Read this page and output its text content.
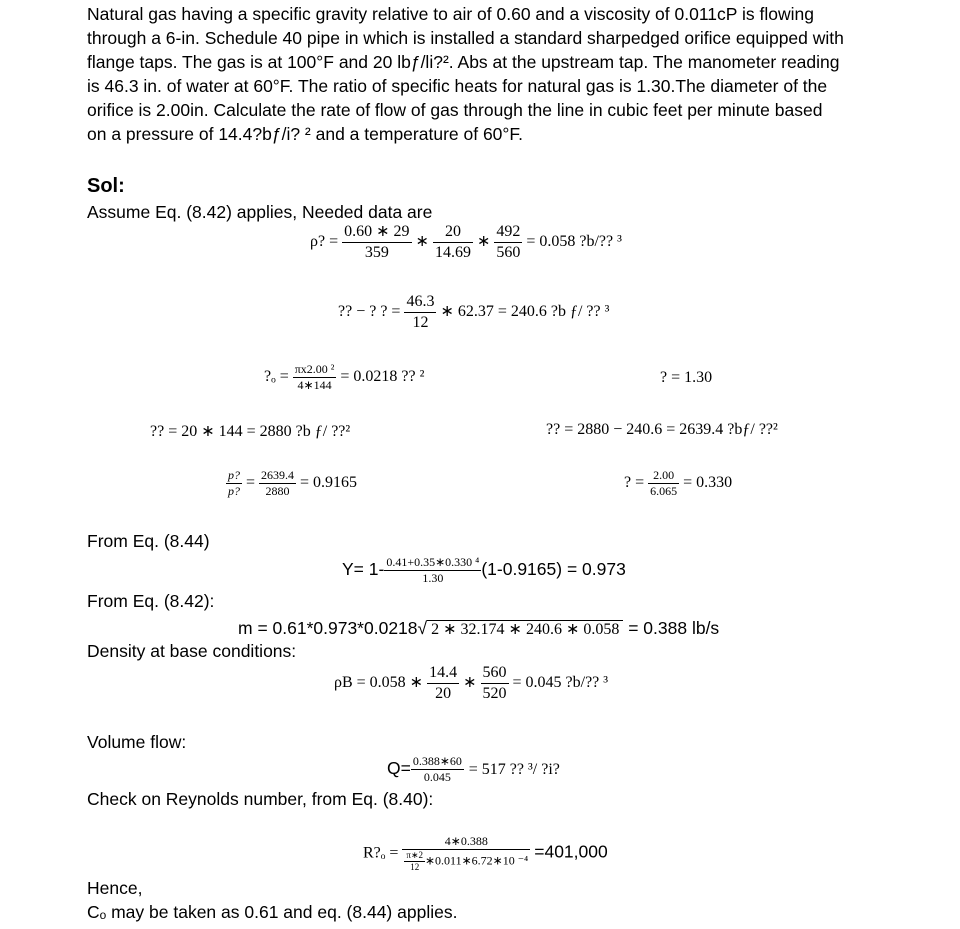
Natural gas having a specific gravity relative to air of 0.60 and a viscosity of 0.011cP is flowing
through a 6-in. Schedule 40 pipe in which is installed a standard sharpedged orifice equipped with
flange taps. The gas is at 100°F and 20 lbƒ/li?². Abs at the upstream tap. The manometer reading
is 46.3 in. of water at 60°F. The ratio of specific heats for natural gas is 1.30.The diameter of the
orifice is 2.00in. Calculate the rate of flow of gas through the line in cubic feet per minute based
on a pressure of 14.4?bƒ/i? ² and a temperature of 60°F.
Sol:
Assume Eq. (8.42) applies, Needed data are
ρ? = $\frac{0.60 ∗ 29}{359}$ ∗ $\frac{20}{14.69}$ ∗ $\frac{492}{560} = 0.058$ ?b/?? ³
?? − ? ? = $\frac{46.3}{12}$ ∗ 62.37 = 240.6 ?b ƒ/ ?? ³
?ₒ = $\frac{\text{πx2.00 ²}}{4∗144} = 0.0218$ ?? ²	? = 1.30
?? = 20 ∗ 144 = 2880 ?b ƒ/ ??²	?? = 2880 − 240.6 = 2639.4 ?bƒ/ ??²
$\frac{p?}{p?} = \frac{2639.4}{2880} = 0.9165$	? = $\frac{2.00}{6.065} = 0.330$
From Eq. (8.44)
$Y= 1- \frac{\text{0.41+0.35∗0.330 ⁴}}{1.30} (1-0.9165) = 0.973$
From Eq. (8.42):
m = 0.61*0.973*0.0218√ 2 ∗ 32.174 ∗ 240.6 ∗ 0.058 = 0.388 lb/s
Density at base conditions:
ρB = 0.058 ∗ $\frac{14.4}{20}$ ∗ $\frac{560}{520} = 0.045$ ?b/?? ³
Volume flow:
$Q= \frac{0.388∗60}{0.045} = 517$ ?? ³/ ?i?
Check on Reynolds number, from Eq. (8.40):
R?ₒ = $\frac{4∗0.388}{\frac{\pi∗2}{12} ∗0.011∗6.72∗10 ^{-4}} =401,000$
Hence,
Cₒ may be taken as 0.61 and eq. (8.44) applies.
